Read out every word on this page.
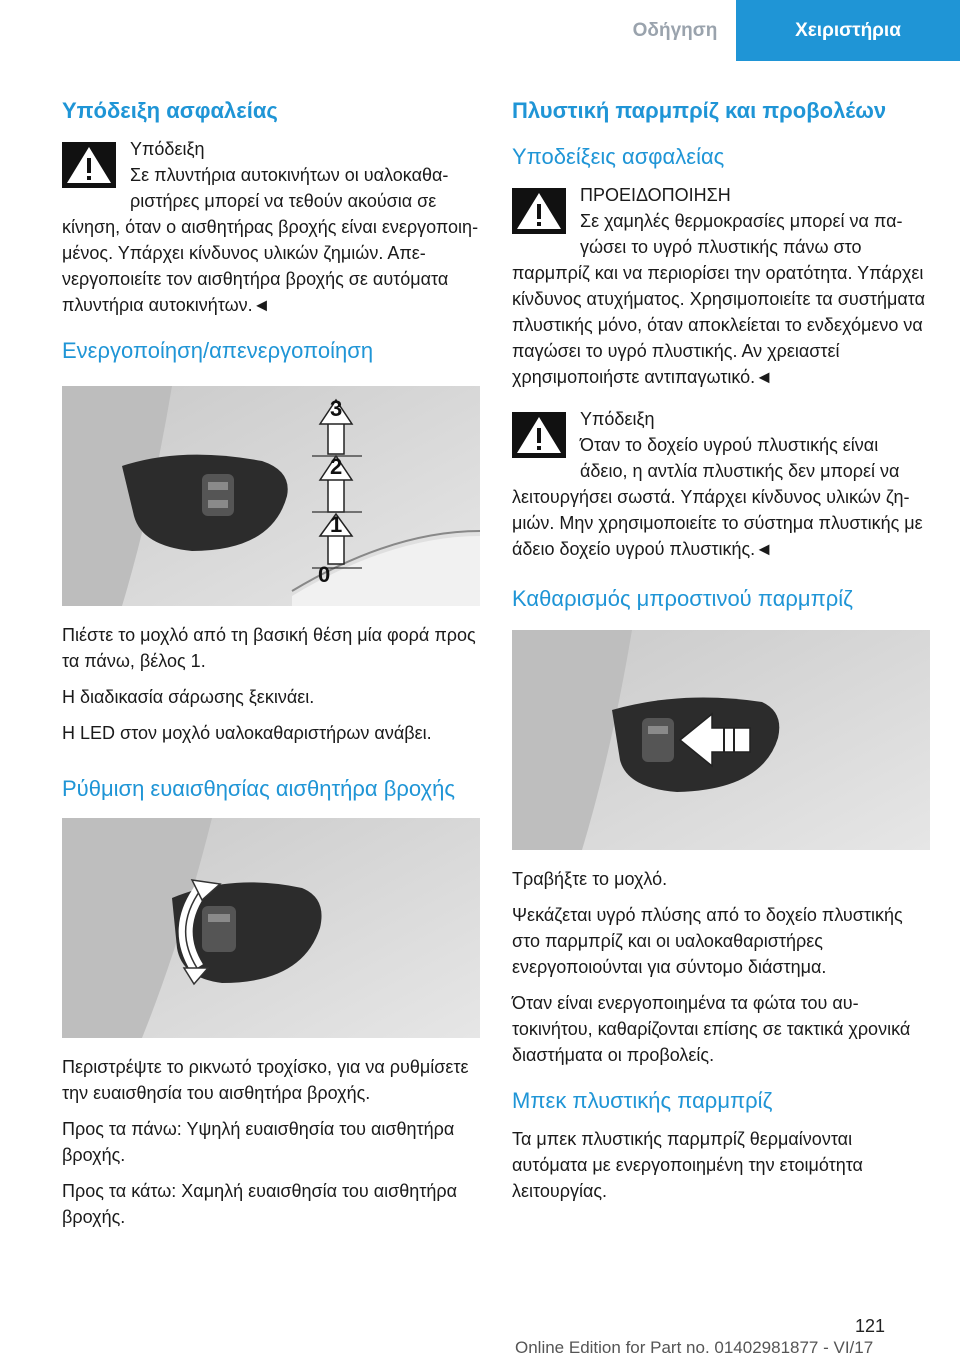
Οδήγηση	Χειριστήρια
Υπόδειξη ασφαλείας

Υπόδειξη

Σε πλυντήρια αυτοκινήτων οι υαλοκαθαριστήρες μπορεί να τεθούν ακούσια σε κίνηση, όταν ο αισθητήρας βροχής είναι ενεργοποιημένος. Υπάρχει κίνδυνος υλικών ζημιών. Απενεργοποιείτε τον αισθητήρα βροχής σε αυτόματα πλυντήρια αυτοκινήτων.◄

Ενεργοποίηση/απενεργοποίηση
3
2
1
0

Πιέστε το μοχλό από τη βασική θέση μία φορά προς τα πάνω, βέλος 1.

Η διαδικασία σάρωσης ξεκινάει.

Η LED στον μοχλό υαλοκαθαριστήρων ανάβει.

Ρύθμιση ευαισθησίας αισθητήρα βροχής

Περιστρέψτε το ρικνωτό τροχίσκο, για να ρυθμίσετε την ευαισθησία του αισθητήρα βροχής.

Προς τα πάνω: Υψηλή ευαισθησία του αισθητήρα βροχής.

Προς τα κάτω: Χαμηλή ευαισθησία του αισθητήρα βροχής.

Πλυστική παρμπρίζ και προβολέων
Υποδείξεις ασφαλείας

ΠΡΟΕΙΔΟΠΟΙΗΣΗ

Σε χαμηλές θερμοκρασίες μπορεί να παγώσει το υγρό πλυστικής πάνω στο παρμπρίζ και να περιορίσει την ορατότητα. Υπάρχει κίνδυνος ατυχήματος. Χρησιμοποιείτε τα συστήματα πλυστικής μόνο, όταν αποκλείεται το ενδεχόμενο να παγώσει το υγρό πλυστικής. Αν χρειαστεί χρησιμοποιήστε αντιπαγωτικό.◄

Υπόδειξη

Όταν το δοχείο υγρού πλυστικής είναι άδειο, η αντλία πλυστικής δεν μπορεί να λειτουργήσει σωστά. Υπάρχει κίνδυνος υλικών ζημιών. Μην χρησιμοποιείτε το σύστημα πλυστικής με άδειο δοχείο υγρού πλυστικής.◄

Καθαρισμός μπροστινού παρμπρίζ

Τραβήξτε το μοχλό.

Ψεκάζεται υγρό πλύσης από το δοχείο πλυστικής στο παρμπρίζ και οι υαλοκαθαριστήρες ενεργοποιούνται για σύντομο διάστημα.

Όταν είναι ενεργοποιημένα τα φώτα του αυτοκινήτου, καθαρίζονται επίσης σε τακτικά χρονικά διαστήματα οι προβολείς.

Μπεκ πλυστικής παρμπρίζ

Τα μπεκ πλυστικής παρμπρίζ θερμαίνονται αυτόματα με ενεργοποιημένη την ετοιμότητα λειτουργίας.

121
Online Edition for Part no. 01402981877 - VI/17
